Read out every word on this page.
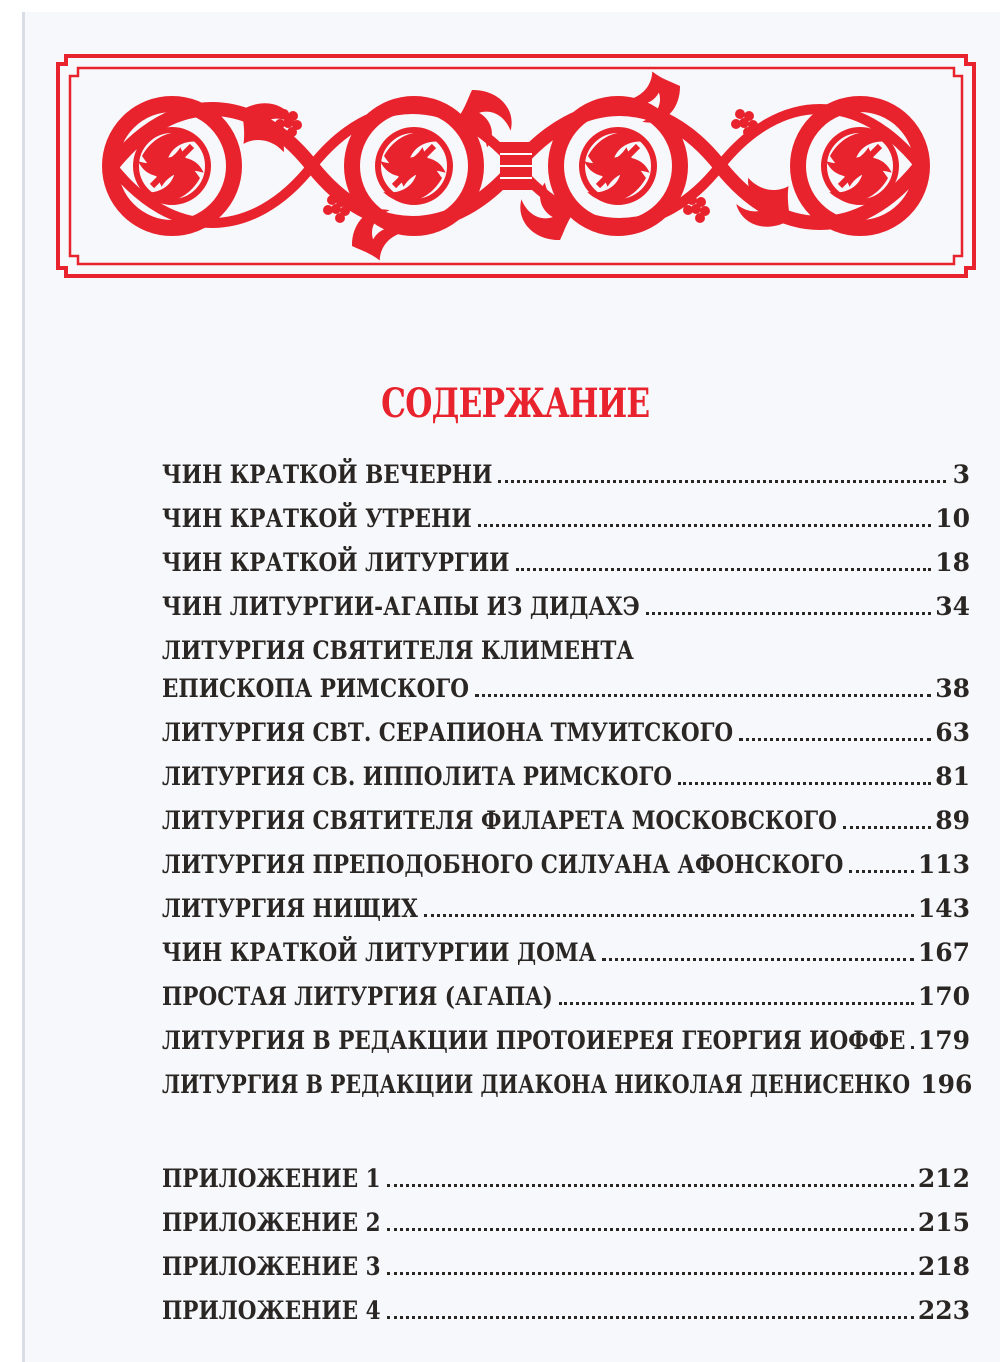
СОДЕРЖАНИЕ
ЧИН КРАТКОЙ ВЕЧЕРНИ	3
ЧИН КРАТКОЙ УТРЕНИ	10
ЧИН КРАТКОЙ ЛИТУРГИИ	18
ЧИН ЛИТУРГИИ-АГАПЫ ИЗ ДИДАХЭ	34
ЛИТУРГИЯ СВЯТИТЕЛЯ КЛИМЕНТА
ЕПИСКОПА РИМСКОГО	38
ЛИТУРГИЯ СВТ. СЕРАПИОНА ТМУИТСКОГО	63
ЛИТУРГИЯ СВ. ИППОЛИТА РИМСКОГО	81
ЛИТУРГИЯ СВЯТИТЕЛЯ ФИЛАРЕТА МОСКОВСКОГО	89
ЛИТУРГИЯ ПРЕПОДОБНОГО СИЛУАНА АФОНСКОГО	113
ЛИТУРГИЯ НИЩИХ	143
ЧИН КРАТКОЙ ЛИТУРГИИ ДОМА	167
ПРОСТАЯ ЛИТУРГИЯ (АГАПА)	170
ЛИТУРГИЯ В РЕДАКЦИИ ПРОТОИЕРЕЯ ГЕОРГИЯ ИОФФЕ 179
ЛИТУРГИЯ В РЕДАКЦИИ ДИАКОНА НИКОЛАЯ ДЕНИСЕНКО 196
ПРИЛОЖЕНИЕ 1	212
ПРИЛОЖЕНИЕ 2	215
ПРИЛОЖЕНИЕ 3	218
ПРИЛОЖЕНИЕ 4	223
